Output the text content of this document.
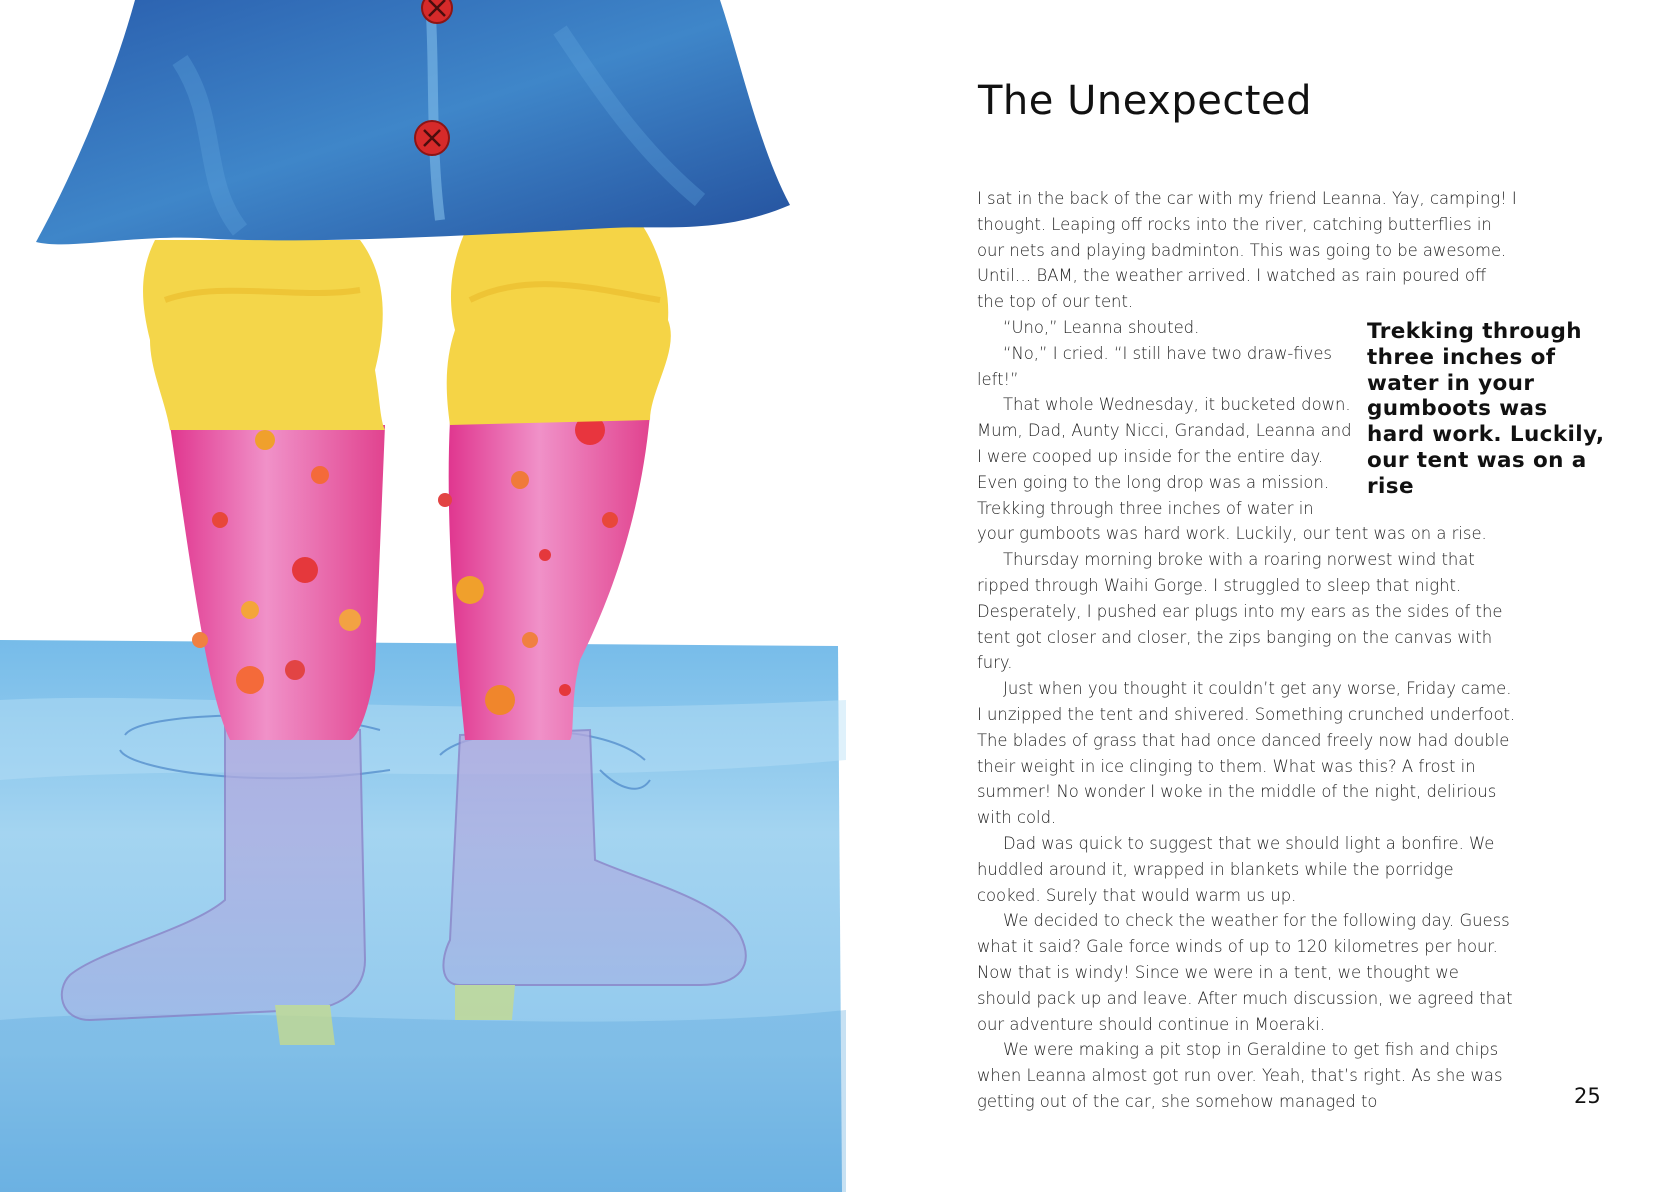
The Unexpected

I sat in the back of the car with my friend Leanna. Yay, camping! I thought. Leaping off rocks into the river, catching butterflies in our nets and playing badminton. This was going to be awesome. Until… BAM, the weather arrived. I watched as rain poured off the top of our tent.

Trekking through three inches of water in your gumboots was hard work. Luckily, our tent was on a rise

“Uno,” Leanna shouted.

“No,” I cried. “I still have two draw-fives left!”

That whole Wednesday, it bucketed down. Mum, Dad, Aunty Nicci, Grandad, Leanna and I were cooped up inside for the entire day. Even going to the long drop was a mission. Trekking through three inches of water in your gumboots was hard work. Luckily, our tent was on a rise.

Thursday morning broke with a roaring norwest wind that ripped through Waihi Gorge. I struggled to sleep that night. Desperately, I pushed ear plugs into my ears as the sides of the tent got closer and closer, the zips banging on the canvas with fury.

Just when you thought it couldn’t get any worse, Friday came. I unzipped the tent and shivered. Something crunched underfoot. The blades of grass that had once danced freely now had double their weight in ice clinging to them. What was this? A frost in summer! No wonder I woke in the middle of the night, delirious with cold.

Dad was quick to suggest that we should light a bonfire. We huddled around it, wrapped in blankets while the porridge cooked. Surely that would warm us up.

We decided to check the weather for the following day. Guess what it said? Gale force winds of up to 120 kilometres per hour. Now that is windy! Since we were in a tent, we thought we should pack up and leave. After much discussion, we agreed that our adventure should continue in Moeraki.

We were making a pit stop in Geraldine to get fish and chips when Leanna almost got run over. Yeah, that’s right. As she was getting out of the car, she somehow managed to	25
